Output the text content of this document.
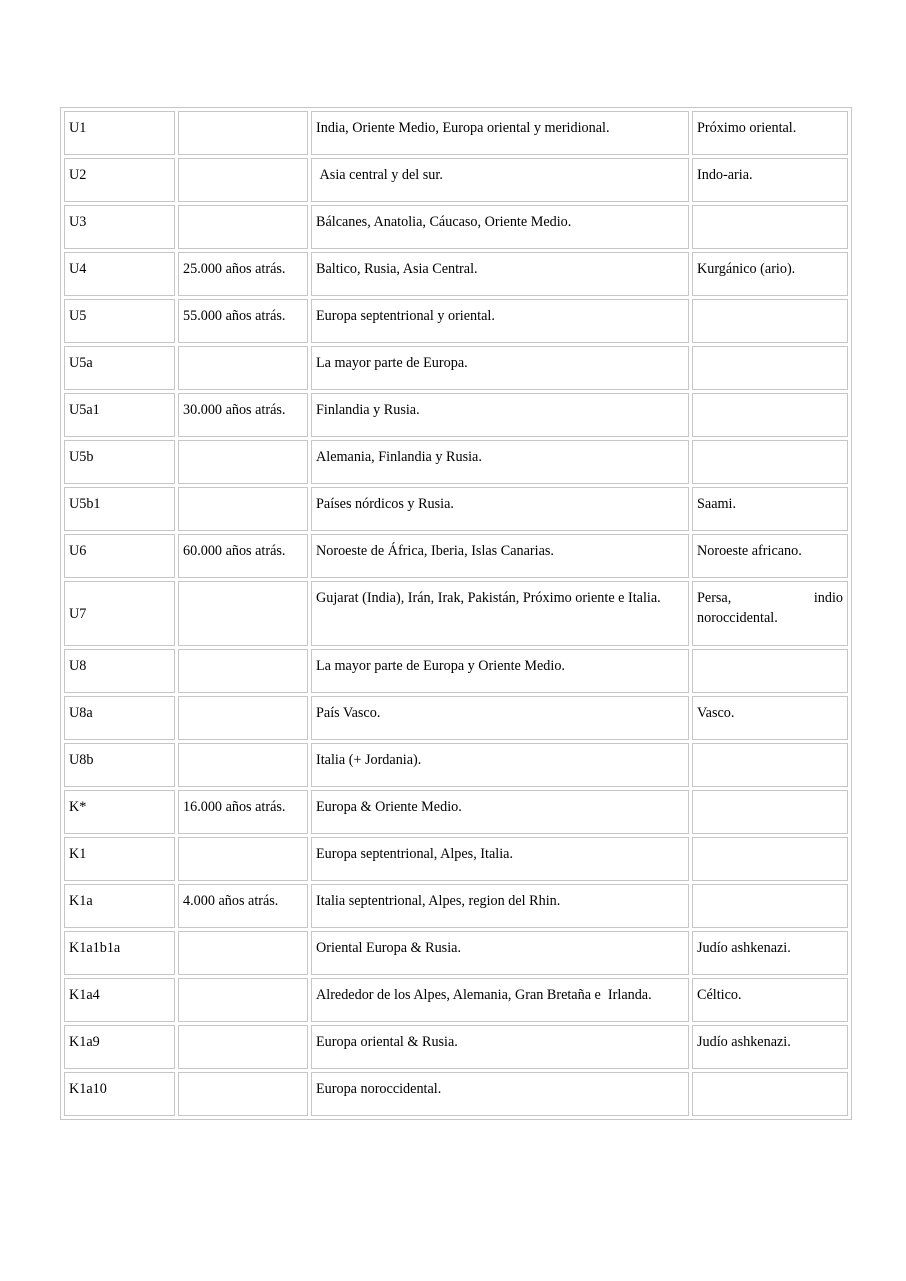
U1		India, Oriente Medio, Europa oriental y meridional.	Próximo oriental.
U2		Asia central y del sur.	Indo-aria.
U3		Bálcanes, Anatolia, Cáucaso, Oriente Medio.	
U4	25.000 años atrás.	Baltico, Rusia, Asia Central.	Kurgánico (ario).
U5	55.000 años atrás.	Europa septentrional y oriental.	
U5a		La mayor parte de Europa.	
U5a1	30.000 años atrás.	Finlandia y Rusia.	
U5b		Alemania, Finlandia y Rusia.	
U5b1		Países nórdicos y Rusia.	Saami.
U6	60.000 años atrás.	Noroeste de África, Iberia, Islas Canarias.	Noroeste africano.
U7		Gujarat (India), Irán, Irak, Pakistán, Próximo oriente e Italia.	Persa, indio noroccidental.
U8		La mayor parte de Europa y Oriente Medio.	
U8a		País Vasco.	Vasco.
U8b		Italia (+ Jordania).	
K*	16.000 años atrás.	Europa & Oriente Medio.	
K1		Europa septentrional, Alpes, Italia.	
K1a	4.000 años atrás.	Italia septentrional, Alpes, region del Rhin.	
K1a1b1a		Oriental Europa & Rusia.	Judío ashkenazi.
K1a4		Alrededor de los Alpes, Alemania, Gran Bretaña e  Irlanda.	Céltico.
K1a9		Europa oriental & Rusia.	Judío ashkenazi.
K1a10		Europa noroccidental.	
